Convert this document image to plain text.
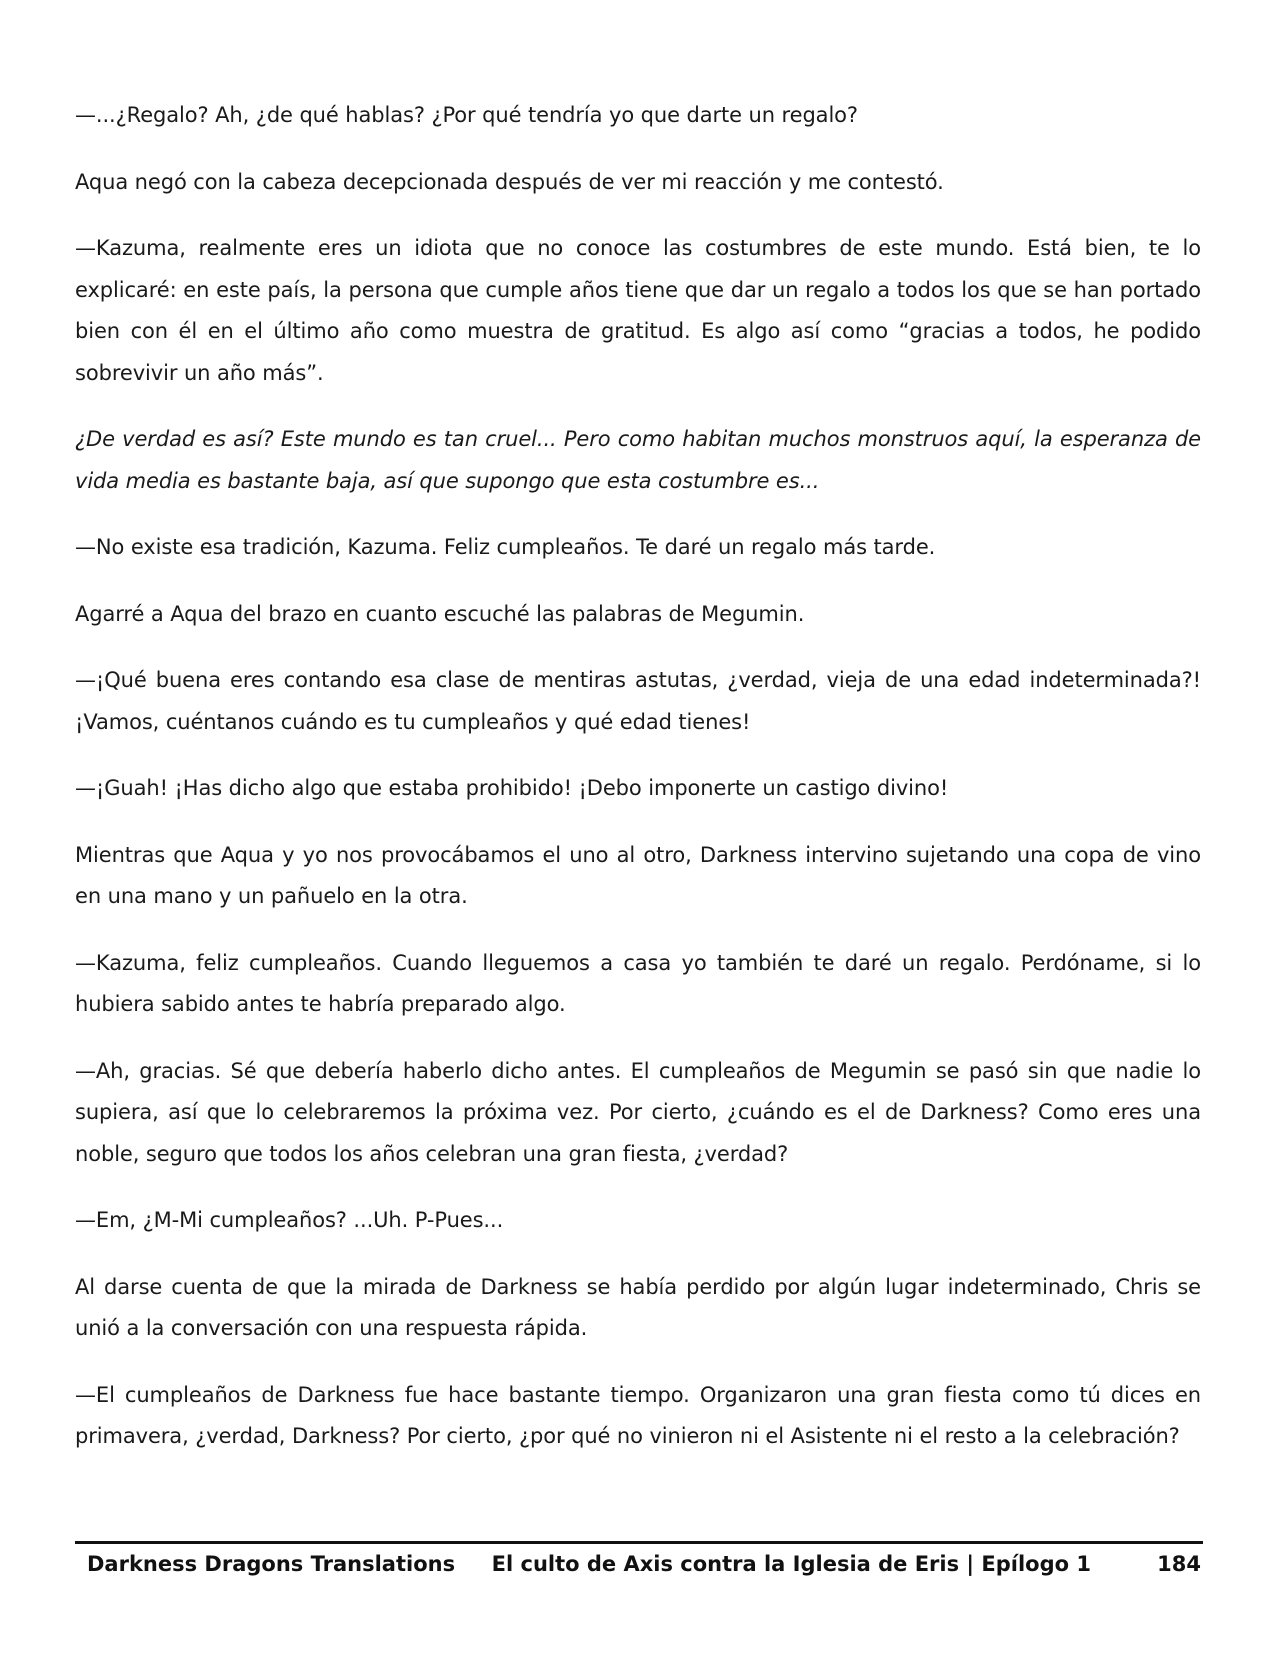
—...¿Regalo? Ah, ¿de qué hablas? ¿Por qué tendría yo que darte un regalo?

Aqua negó con la cabeza decepcionada después de ver mi reacción y me contestó.

—Kazuma, realmente eres un idiota que no conoce las costumbres de este mundo. Está bien, te lo explicaré: en este país, la persona que cumple años tiene que dar un regalo a todos los que se han portado bien con él en el último año como muestra de gratitud. Es algo así como “gracias a todos, he podido sobrevivir un año más”.

¿De verdad es así? Este mundo es tan cruel... Pero como habitan muchos monstruos aquí, la esperanza de vida media es bastante baja, así que supongo que esta costumbre es...

—No existe esa tradición, Kazuma. Feliz cumpleaños. Te daré un regalo más tarde.

Agarré a Aqua del brazo en cuanto escuché las palabras de Megumin.

—¡Qué buena eres contando esa clase de mentiras astutas, ¿verdad, vieja de una edad indeterminada?! ¡Vamos, cuéntanos cuándo es tu cumpleaños y qué edad tienes!

—¡Guah! ¡Has dicho algo que estaba prohibido! ¡Debo imponerte un castigo divino!

Mientras que Aqua y yo nos provocábamos el uno al otro, Darkness intervino sujetando una copa de vino en una mano y un pañuelo en la otra.

—Kazuma, feliz cumpleaños. Cuando lleguemos a casa yo también te daré un regalo. Perdóname, si lo hubiera sabido antes te habría preparado algo.

—Ah, gracias. Sé que debería haberlo dicho antes. El cumpleaños de Megumin se pasó sin que nadie lo supiera, así que lo celebraremos la próxima vez. Por cierto, ¿cuándo es el de Darkness? Como eres una noble, seguro que todos los años celebran una gran fiesta, ¿verdad?

—Em, ¿M-Mi cumpleaños? ...Uh. P-Pues...

Al darse cuenta de que la mirada de Darkness se había perdido por algún lugar indeterminado, Chris se unió a la conversación con una respuesta rápida.

—El cumpleaños de Darkness fue hace bastante tiempo. Organizaron una gran fiesta como tú dices en primavera, ¿verdad, Darkness? Por cierto, ¿por qué no vinieron ni el Asistente ni el resto a la celebración?

Darkness Dragons Translations El culto de Axis contra la Iglesia de Eris | Epílogo 1	184
